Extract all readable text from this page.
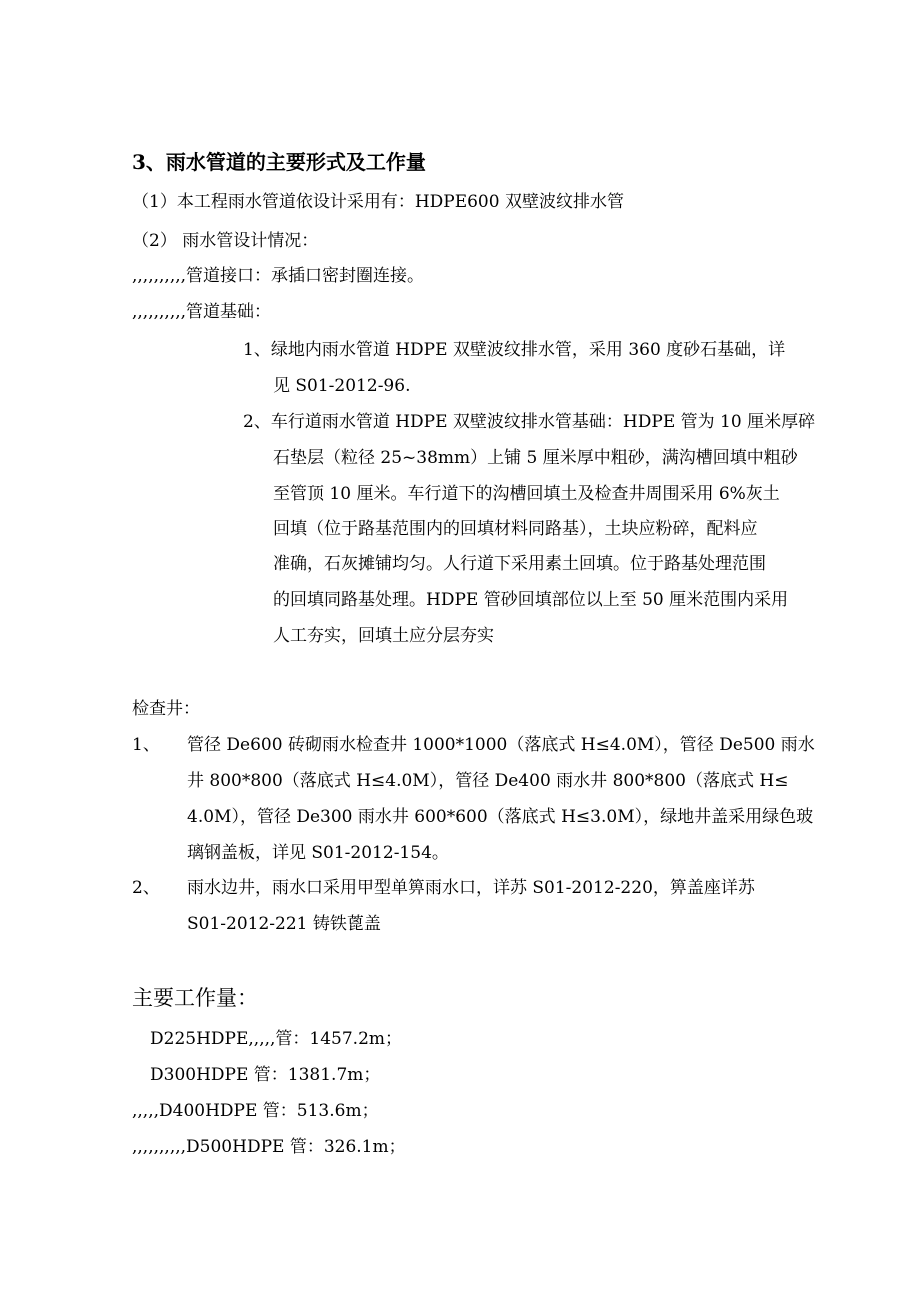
3、雨水管道的主要形式及工作量
（1）本工程雨水管道依设计采用有：HDPE600 双壁波纹排水管
（2） 雨水管设计情况：
,,,,,,,,,,管道接口：承插口密封圈连接。
,,,,,,,,,,管道基础：
1、绿地内雨水管道 HDPE 双壁波纹排水管，采用 360 度砂石基础，详
见 S01-2012-96.
2、车行道雨水管道 HDPE 双壁波纹排水管基础：HDPE 管为 10 厘米厚碎
石垫层（粒径 25~38mm）上铺 5 厘米厚中粗砂，满沟槽回填中粗砂
至管顶 10 厘米。车行道下的沟槽回填土及检查井周围采用 6%灰土
回填（位于路基范围内的回填材料同路基），土块应粉碎，配料应
准确，石灰摊铺均匀。人行道下采用素土回填。位于路基处理范围
的回填同路基处理。HDPE 管砂回填部位以上至 50 厘米范围内采用
人工夯实，回填土应分层夯实
检查井：
1、 管径 De600 砖砌雨水检查井 1000*1000（落底式 H≤4.0M），管径 De500 雨水
井 800*800（落底式 H≤4.0M），管径 De400 雨水井 800*800（落底式 H≤
4.0M），管径 De300 雨水井 600*600（落底式 H≤3.0M），绿地井盖采用绿色玻
璃钢盖板，详见 S01-2012-154。
2、 雨水边井，雨水口采用甲型单箅雨水口，详苏 S01-2012-220，箅盖座详苏
S01-2012-221 铸铁蓖盖
主要工作量：
D225HDPE,,,,,管：1457.2m；
D300HDPE 管：1381.7m；
,,,,,D400HDPE 管：513.6m；
,,,,,,,,,,D500HDPE 管：326.1m；
